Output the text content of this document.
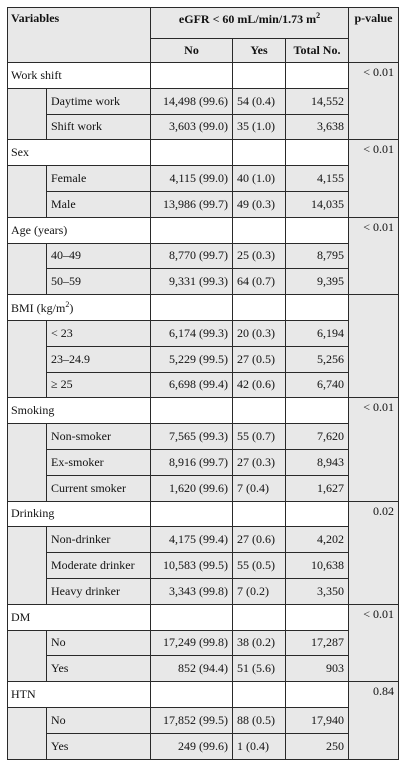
Variables		eGFR < 60 mL/min/1.73 $m^2$			p-value
		No	Yes	Total No.	
Work shift					< 0.01
	Daytime work	14,498 (99.6)	54 (0.4)	14,552	
	Shift work	3,603 (99.0)	35 (1.0)	3,638	
Sex					< 0.01
	Female	4,115 (99.0)	40 (1.0)	4,155	
	Male	13,986 (99.7)	49 (0.3)	14,035	
Age (years)					< 0.01
	40–49	8,770 (99.7)	25 (0.3)	8,795	
	50–59	9,331 (99.3)	64 (0.7)	9,395	
BMI $(kg/m^2)$					
	< 23	6,174 (99.3)	20 (0.3)	6,194	
	23–24.9	5,229 (99.5)	27 (0.5)	5,256	
	≥ 25	6,698 (99.4)	42 (0.6)	6,740	
Smoking					< 0.01
	Non-smoker	7,565 (99.3)	55 (0.7)	7,620	
	Ex-smoker	8,916 (99.7)	27 (0.3)	8,943	
	Current smoker	1,620 (99.6)	7 (0.4)	1,627	
Drinking					0.02
	Non-drinker	4,175 (99.4)	27 (0.6)	4,202	
	Moderate drinker	10,583 (99.5)	55 (0.5)	10,638	
	Heavy drinker	3,343 (99.8)	7 (0.2)	3,350	
DM					< 0.01
	No	17,249 (99.8)	38 (0.2)	17,287	
	Yes	852 (94.4)	51 (5.6)	903	
HTN					0.84
	No	17,852 (99.5)	88 (0.5)	17,940	
	Yes	249 (99.6)	1 (0.4)	250	
